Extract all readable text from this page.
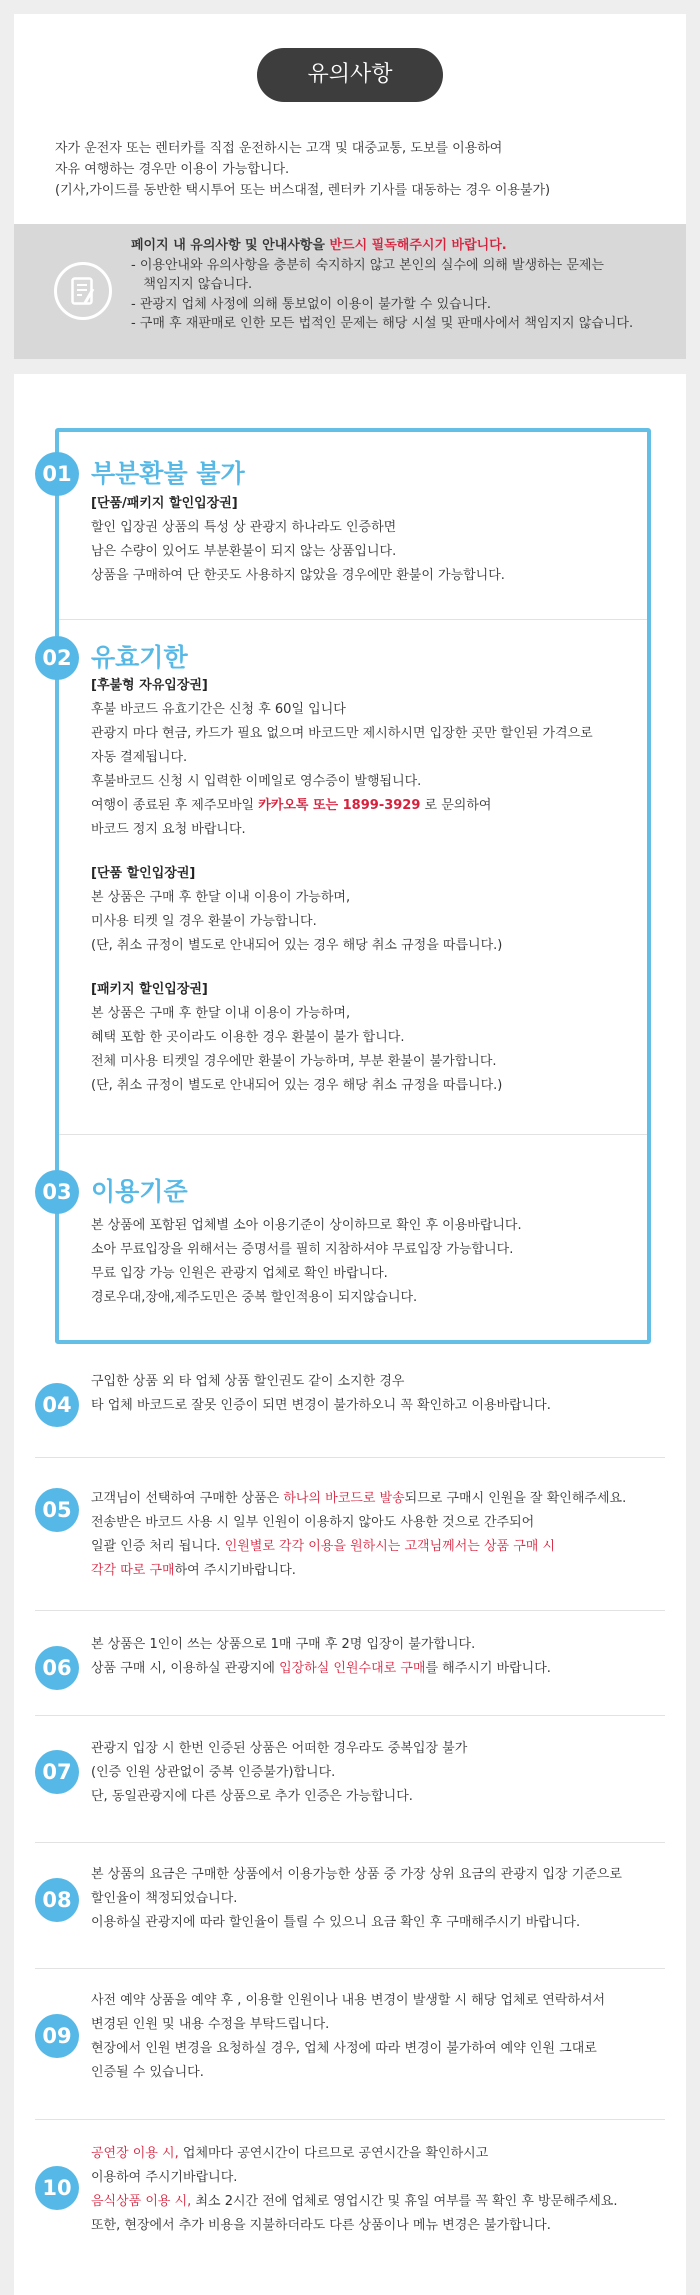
유의사항

자가 운전자 또는 렌터카를 직접 운전하시는 고객 및 대중교통, 도보를 이용하여

자유 여행하는 경우만 이용이 가능합니다.

(기사,가이드를 동반한 택시투어 또는 버스대절, 렌터카 기사를 대동하는 경우 이용불가)

페이지 내 유의사항 및 안내사항을 반드시 필독해주시기 바랍니다.

- 이용안내와 유의사항을 충분히 숙지하지 않고 본인의 실수에 의해 발생하는 문제는

책임지지 않습니다.

- 관광지 업체 사정에 의해 통보없이 이용이 불가할 수 있습니다.

- 구매 후 재판매로 인한 모든 법적인 문제는 해당 시설 및 판매사에서 책임지지 않습니다.

01 부분환불 불가

[단품/패키지 할인입장권]

할인 입장권 상품의 특성 상 관광지 하나라도 인증하면

남은 수량이 있어도 부분환불이 되지 않는 상품입니다.

상품을 구매하여 단 한곳도 사용하지 않았을 경우에만 환불이 가능합니다.

02 유효기한

[후불형 자유입장권]

후불 바코드 유효기간은 신청 후 60일 입니다

관광지 마다 현금, 카드가 필요 없으며 바코드만 제시하시면 입장한 곳만 할인된 가격으로

자동 결제됩니다.

후불바코드 신청 시 입력한 이메일로 영수증이 발행됩니다.

여행이 종료된 후 제주모바일 카카오톡 또는 1899-3929 로 문의하여

바코드 정지 요청 바랍니다.

[단품 할인입장권]

본 상품은 구매 후 한달 이내 이용이 가능하며,

미사용 티켓 일 경우 환불이 가능합니다.

(단, 취소 규정이 별도로 안내되어 있는 경우 해당 취소 규정을 따릅니다.)

[패키지 할인입장권]

본 상품은 구매 후 한달 이내 이용이 가능하며,

혜택 포함 한 곳이라도 이용한 경우 환불이 불가 합니다.

전체 미사용 티켓일 경우에만 환불이 가능하며, 부분 환불이 불가합니다.

(단, 취소 규정이 별도로 안내되어 있는 경우 해당 취소 규정을 따릅니다.)

03 이용기준

본 상품에 포함된 업체별 소아 이용기준이 상이하므로 확인 후 이용바랍니다.

소아 무료입장을 위해서는 증명서를 필히 지참하셔야 무료입장 가능합니다.

무료 입장 가능 인원은 관광지 업체로 확인 바랍니다.

경로우대,장애,제주도민은 중복 할인적용이 되지않습니다.

04

구입한 상품 외 타 업체 상품 할인권도 같이 소지한 경우

타 업체 바코드로 잘못 인증이 되면 변경이 불가하오니 꼭 확인하고 이용바랍니다.

05	고객님이 선택하여 구매한 상품은 하나의 바코드로 발송되므로 구매시 인원을 잘 확인해주세요.

전송받은 바코드 사용 시 일부 인원이 이용하지 않아도 사용한 것으로 간주되어

일괄 인증 처리 됩니다. 인원별로 각각 이용을 원하시는 고객님께서는 상품 구매 시

각각 따로 구매하여 주시기바랍니다.

06

본 상품은 1인이 쓰는 상품으로 1매 구매 후 2명 입장이 불가합니다.

상품 구매 시, 이용하실 관광지에 입장하실 인원수대로 구매를 해주시기 바랍니다.

07

관광지 입장 시 한번 인증된 상품은 어떠한 경우라도 중복입장 불가

(인증 인원 상관없이 중복 인증불가)합니다.

단, 동일관광지에 다른 상품으로 추가 인증은 가능합니다.

08

본 상품의 요금은 구매한 상품에서 이용가능한 상품 중 가장 상위 요금의 관광지 입장 기준으로

할인율이 책정되었습니다.

이용하실 관광지에 따라 할인율이 틀릴 수 있으니 요금 확인 후 구매해주시기 바랍니다.

09

사전 예약 상품을 예약 후 , 이용할 인원이나 내용 변경이 발생할 시 해당 업체로 연락하셔서

변경된 인원 및 내용 수정을 부탁드립니다.

현장에서 인원 변경을 요청하실 경우, 업체 사정에 따라 변경이 불가하여 예약 인원 그대로

인증될 수 있습니다.

10

공연장 이용 시, 업체마다 공연시간이 다르므로 공연시간을 확인하시고

이용하여 주시기바랍니다.

음식상품 이용 시, 최소 2시간 전에 업체로 영업시간 및 휴일 여부를 꼭 확인 후 방문해주세요.

또한, 현장에서 추가 비용을 지불하더라도 다른 상품이나 메뉴 변경은 불가합니다.
